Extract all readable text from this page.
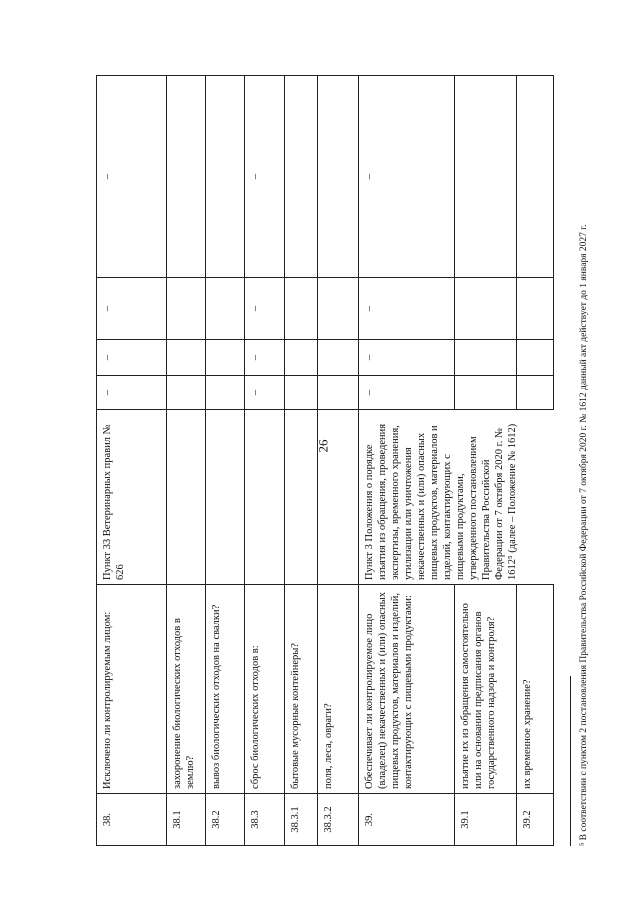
26
38.
Исключено ли контролируемым лицом:
Пункт 33 Ветеринарных правил № 626
–
–
–
–
38.1
захоронение биологических отходов в землю?
38.2
вывоз биологических отходов на свалки?
38.3
сброс биологических отходов в:
–
–
–
–
38.3.1
бытовые мусорные контейнеры?
38.3.2
поля, леса, овраги?
39.
Обеспечивает ли контролируемое лицо (владелец) некачественных и (или) опасных пищевых продуктов, материалов и изделий, контактирующих с пищевыми продуктами:
Пункт 3 Положения о порядке изъятия из обращения, проведения экспертизы, временного хранения, утилизации или уничтожения некачественных и (или) опасных пищевых продуктов, материалов и изделий, контактирующих с пищевыми продуктами, утвержденного постановлением Правительства Российской Федерации от 7 октября 2020 г. № 1612⁵ (далее – Положение № 1612)
–
–
–
–
39.1
изъятие их из обращения самостоятельно или на основании предписания органов государственного надзора и контроля?
39.2
их временное хранение?	⁵ В соответствии с пунктом 2 постановления Правительства Российской Федерации от 7 октября 2020 г. № 1612 данный акт действует до 1 января 2027 г.
